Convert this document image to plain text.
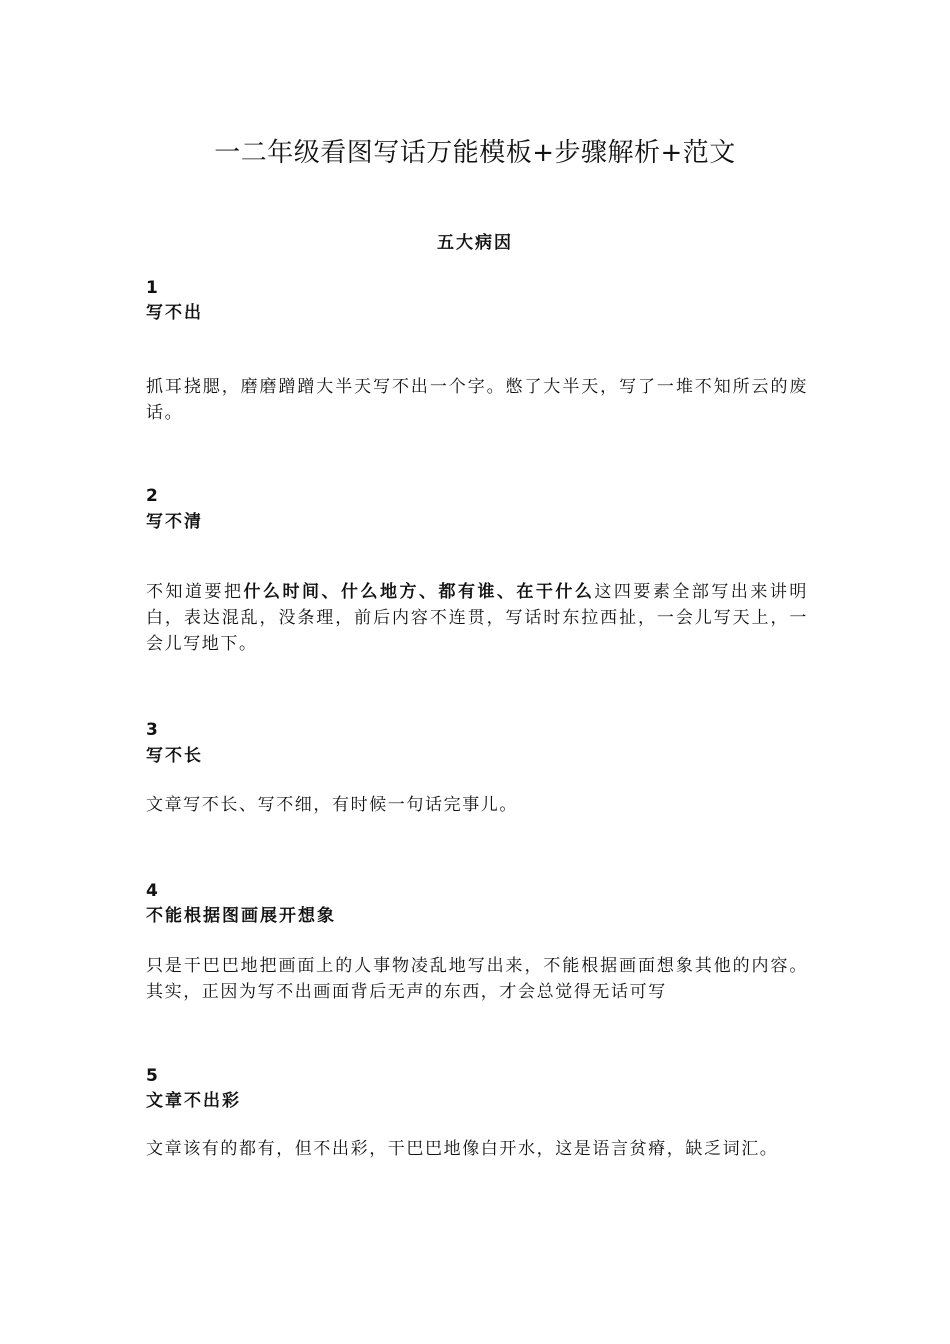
一二年级看图写话万能模板+步骤解析+范文
五大病因
1
写不出

抓耳挠腮，磨磨蹭蹭大半天写不出一个字。憋了大半天，写了一堆不知所云的废话。

2
写不清

不知道要把什么时间、什么地方、都有谁、在干什么这四要素全部写出来讲明白，表达混乱，没条理，前后内容不连贯，写话时东拉西扯，一会儿写天上，一会儿写地下。

3
写不长

文章写不长、写不细，有时候一句话完事儿。

4
不能根据图画展开想象

只是干巴巴地把画面上的人事物凌乱地写出来，不能根据画面想象其他的内容。其实，正因为写不出画面背后无声的东西，才会总觉得无话可写

5
文章不出彩

文章该有的都有，但不出彩，干巴巴地像白开水，这是语言贫瘠，缺乏词汇。
